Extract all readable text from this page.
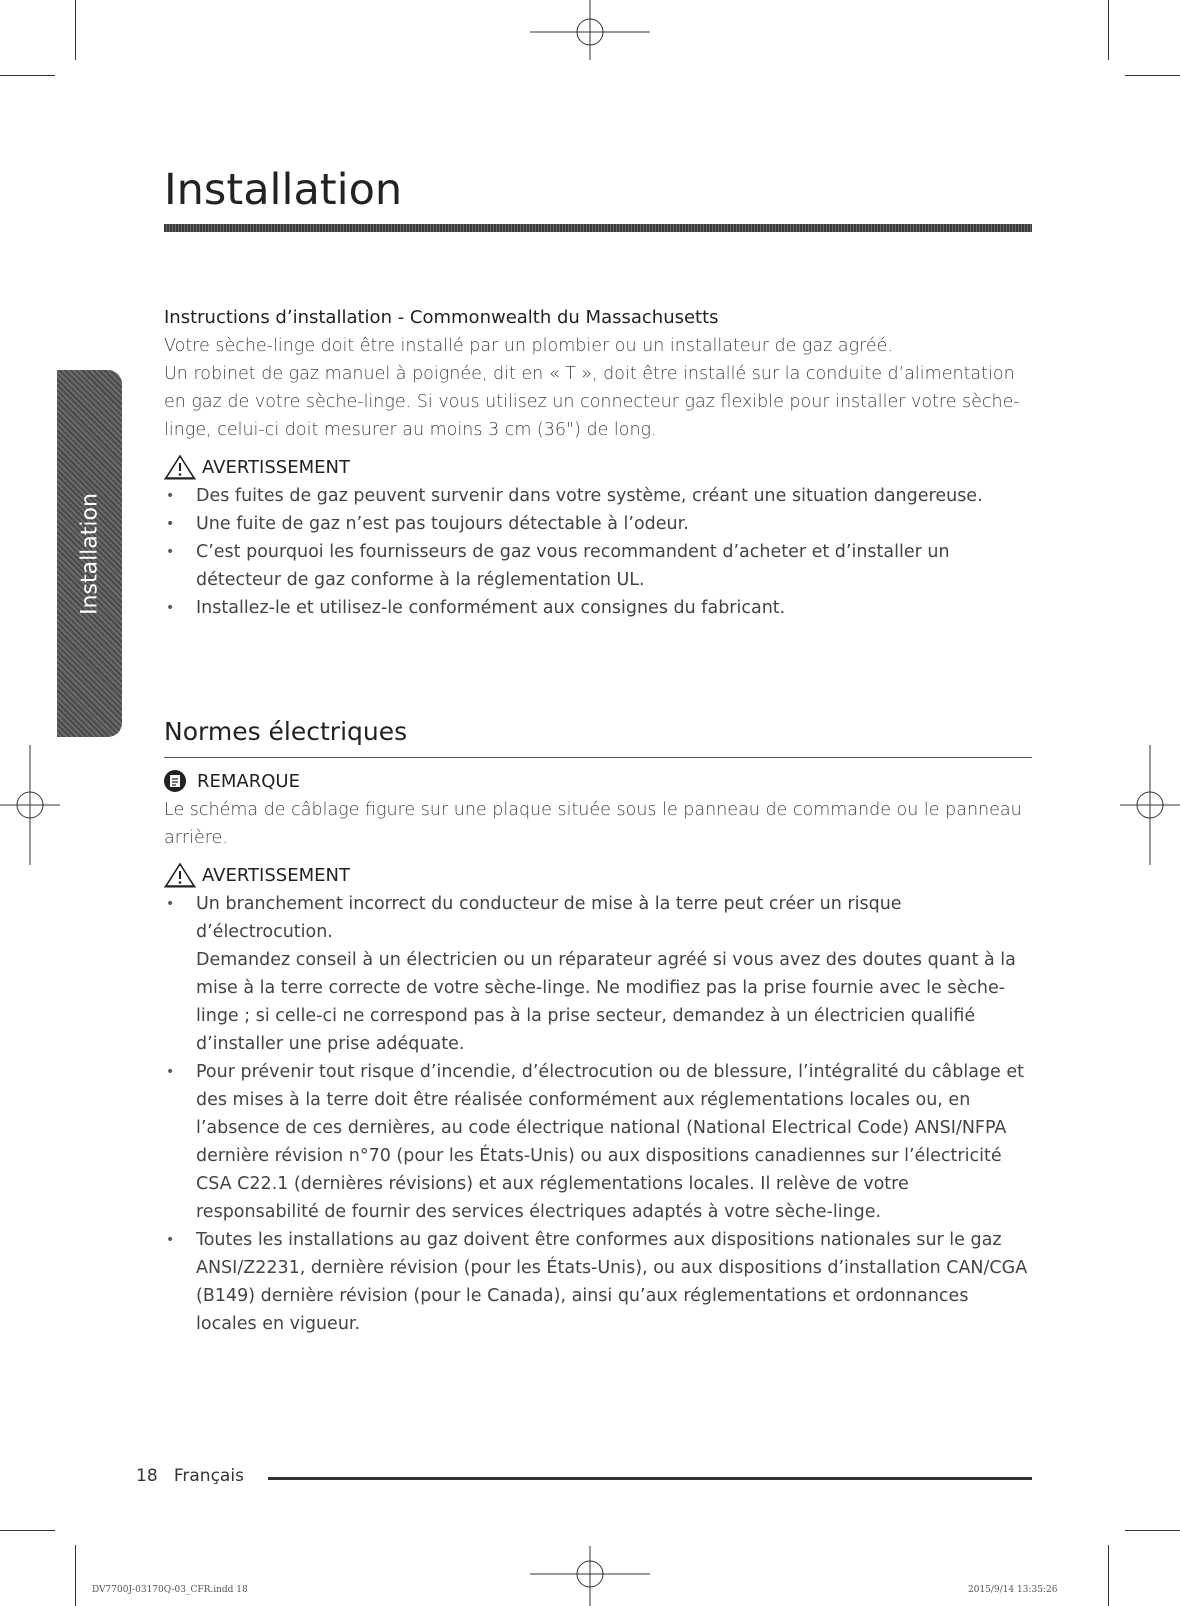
Installation
Installation
Instructions d’installation - Commonwealth du Massachusetts

Votre sèche-linge doit être installé par un plombier ou un installateur de gaz agréé.

Un robinet de gaz manuel à poignée, dit en « T », doit être installé sur la conduite d’alimentation en gaz de votre sèche-linge. Si vous utilisez un connecteur gaz flexible pour installer votre sèche-linge, celui-ci doit mesurer au moins 3 cm (36") de long.

AVERTISSEMENT
• Des fuites de gaz peuvent survenir dans votre système, créant une situation dangereuse.
• Une fuite de gaz n’est pas toujours détectable à l’odeur.
• C’est pourquoi les fournisseurs de gaz vous recommandent d’acheter et d’installer un détecteur de gaz conforme à la réglementation UL.
• Installez-le et utilisez-le conformément aux consignes du fabricant.
Normes électriques
REMARQUE

Le schéma de câblage figure sur une plaque située sous le panneau de commande ou le panneau arrière.

AVERTISSEMENT
• Un branchement incorrect du conducteur de mise à la terre peut créer un risque d’électrocution.
Demandez conseil à un électricien ou un réparateur agréé si vous avez des doutes quant à la mise à la terre correcte de votre sèche-linge. Ne modifiez pas la prise fournie avec le sèche-linge ; si celle-ci ne correspond pas à la prise secteur, demandez à un électricien qualifié d’installer une prise adéquate.
• Pour prévenir tout risque d’incendie, d’électrocution ou de blessure, l’intégralité du câblage et des mises à la terre doit être réalisée conformément aux réglementations locales ou, en l’absence de ces dernières, au code électrique national (National Electrical Code) ANSI/NFPA dernière révision n°70 (pour les États-Unis) ou aux dispositions canadiennes sur l’électricité CSA C22.1 (dernières révisions) et aux réglementations locales. Il relève de votre responsabilité de fournir des services électriques adaptés à votre sèche-linge.
• Toutes les installations au gaz doivent être conformes aux dispositions nationales sur le gaz ANSI/Z2231, dernière révision (pour les États-Unis), ou aux dispositions d’installation CAN/CGA (B149) dernière révision (pour le Canada), ainsi qu’aux réglementations et ordonnances locales en vigueur.
18 Français
DV7700J-03170Q-03_CFR.indd 18	2015/9/14 13:35:26
